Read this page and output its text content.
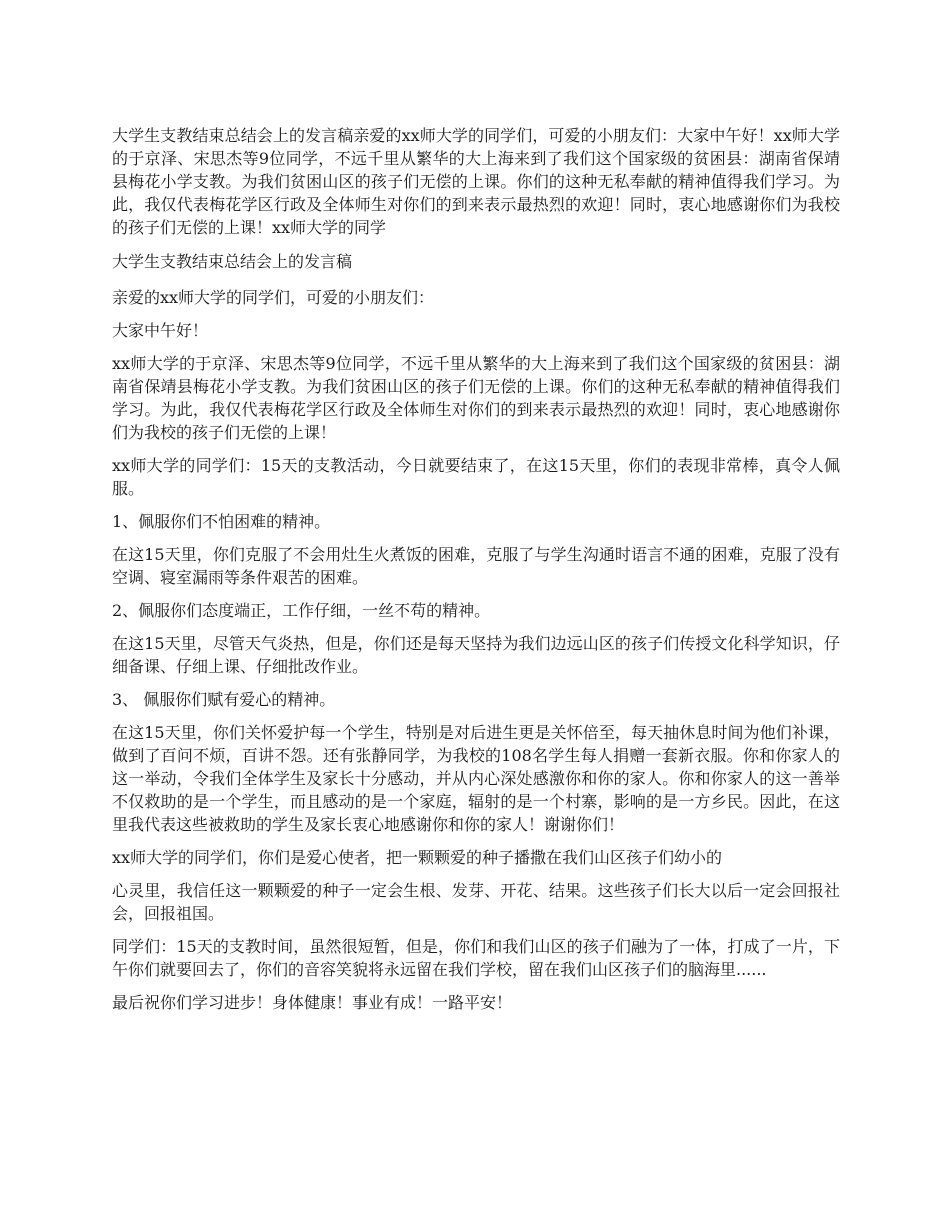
大学生支教结束总结会上的发言稿亲爱的xx师大学的同学们，可爱的小朋友们：大家中午好！xx师大学的于京泽、宋思杰等9位同学，不远千里从繁华的大上海来到了我们这个国家级的贫困县：湖南省保靖县梅花小学支教。为我们贫困山区的孩子们无偿的上课。你们的这种无私奉献的精神值得我们学习。为此，我仅代表梅花学区行政及全体师生对你们的到来表示最热烈的欢迎！同时，衷心地感谢你们为我校的孩子们无偿的上课！xx师大学的同学

大学生支教结束总结会上的发言稿

亲爱的xx师大学的同学们，可爱的小朋友们：

大家中午好！

xx师大学的于京泽、宋思杰等9位同学，不远千里从繁华的大上海来到了我们这个国家级的贫困县：湖南省保靖县梅花小学支教。为我们贫困山区的孩子们无偿的上课。你们的这种无私奉献的精神值得我们学习。为此，我仅代表梅花学区行政及全体师生对你们的到来表示最热烈的欢迎！同时，衷心地感谢你们为我校的孩子们无偿的上课！

xx师大学的同学们：15天的支教活动，今日就要结束了，在这15天里，你们的表现非常棒，真令人佩服。

1、佩服你们不怕困难的精神。

在这15天里，你们克服了不会用灶生火煮饭的困难，克服了与学生沟通时语言不通的困难，克服了没有空调、寝室漏雨等条件艰苦的困难。

2、佩服你们态度端正，工作仔细，一丝不苟的精神。

在这15天里，尽管天气炎热，但是，你们还是每天坚持为我们边远山区的孩子们传授文化科学知识，仔细备课、仔细上课、仔细批改作业。

3、 佩服你们赋有爱心的精神。

在这15天里，你们关怀爱护每一个学生，特别是对后进生更是关怀倍至，每天抽休息时间为他们补课，做到了百问不烦，百讲不怨。还有张静同学，为我校的108名学生每人捐赠一套新衣服。你和你家人的这一举动，令我们全体学生及家长十分感动，并从内心深处感激你和你的家人。你和你家人的这一善举不仅救助的是一个学生，而且感动的是一个家庭，辐射的是一个村寨，影响的是一方乡民。因此，在这里我代表这些被救助的学生及家长衷心地感谢你和你的家人！谢谢你们！

xx师大学的同学们，你们是爱心使者，把一颗颗爱的种子播撒在我们山区孩子们幼小的

心灵里，我信任这一颗颗爱的种子一定会生根、发芽、开花、结果。这些孩子们长大以后一定会回报社会，回报祖国。

同学们：15天的支教时间，虽然很短暂，但是，你们和我们山区的孩子们融为了一体，打成了一片，下午你们就要回去了，你们的音容笑貌将永远留在我们学校，留在我们山区孩子们的脑海里......

最后祝你们学习进步！身体健康！事业有成！一路平安！
